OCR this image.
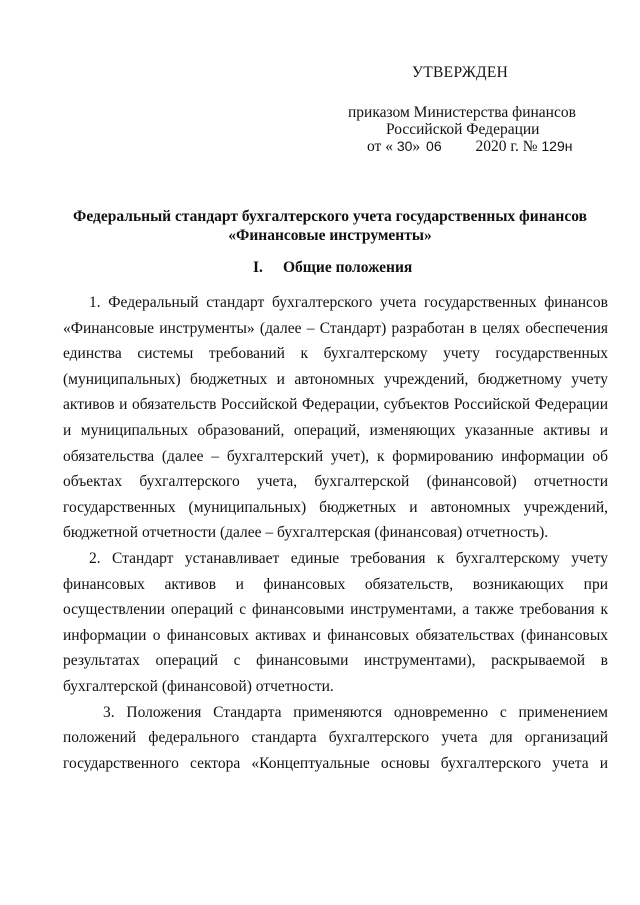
УТВЕРЖДЕН
приказом Министерства финансов
Российской Федерации
от « 30» 06 2020 г. № 129н
Федеральный стандарт бухгалтерского учета государственных финансов
«Финансовые инструменты»
I. Общие положения

1. Федеральный стандарт бухгалтерского учета государственных финансов «Финансовые инструменты» (далее – Стандарт) разработан в целях обеспечения единства системы требований к бухгалтерскому учету государственных (муниципальных) бюджетных и автономных учреждений, бюджетному учету активов и обязательств Российской Федерации, субъектов Российской Федерации и муниципальных образований, операций, изменяющих указанные активы и обязательства (далее – бухгалтерский учет), к формированию информации об объектах бухгалтерского учета, бухгалтерской (финансовой) отчетности государственных (муниципальных) бюджетных и автономных учреждений, бюджетной отчетности (далее – бухгалтерская (финансовая) отчетность).

2. Стандарт устанавливает единые требования к бухгалтерскому учету финансовых активов и финансовых обязательств, возникающих при осуществлении операций с финансовыми инструментами, а также требования к информации о финансовых активах и финансовых обязательствах (финансовых результатах операций с финансовыми инструментами), раскрываемой в бухгалтерской (финансовой) отчетности.

3. Положения Стандарта применяются одновременно с применением положений федерального стандарта бухгалтерского учета для организаций государственного сектора «Концептуальные основы бухгалтерского учета и
